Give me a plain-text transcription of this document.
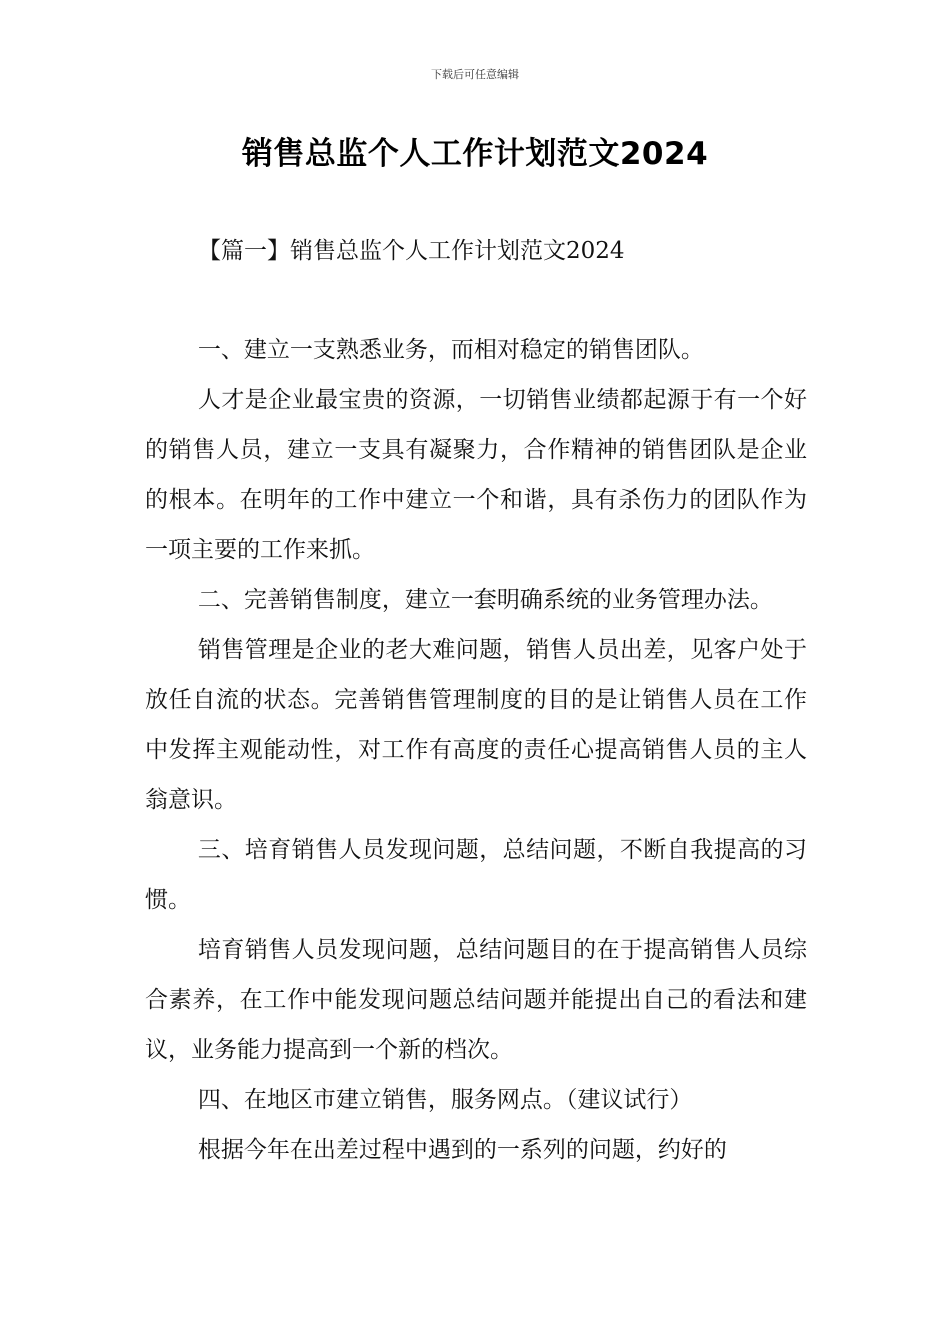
下载后可任意编辑
销售总监个人工作计划范文2024
【篇一】销售总监个人工作计划范文2024

一、建立一支熟悉业务，而相对稳定的销售团队。

人才是企业最宝贵的资源，一切销售业绩都起源于有一个好的销售人员，建立一支具有凝聚力，合作精神的销售团队是企业的根本。在明年的工作中建立一个和谐，具有杀伤力的团队作为一项主要的工作来抓。

二、完善销售制度，建立一套明确系统的业务管理办法。

销售管理是企业的老大难问题，销售人员出差，见客户处于放任自流的状态。完善销售管理制度的目的是让销售人员在工作中发挥主观能动性，对工作有高度的责任心提高销售人员的主人翁意识。

三、培育销售人员发现问题，总结问题，不断自我提高的习惯。

培育销售人员发现问题，总结问题目的在于提高销售人员综合素养，在工作中能发现问题总结问题并能提出自己的看法和建议，业务能力提高到一个新的档次。

四、在地区市建立销售，服务网点。（建议试行）

根据今年在出差过程中遇到的一系列的问题，约好的
